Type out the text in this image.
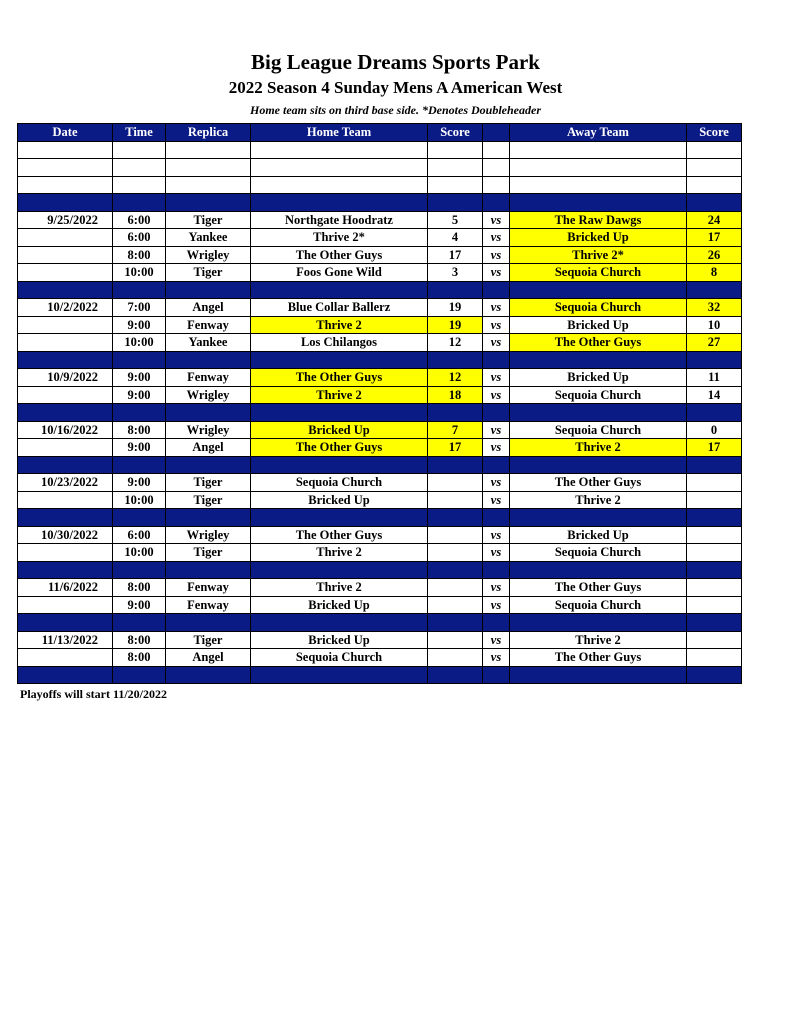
Big League Dreams Sports Park
2022 Season 4 Sunday Mens A American West
Home team sits on third base side. *Denotes Doubleheader
Date	Time	Replica	Home Team	Score		Away Team	Score

9/25/2022	6:00	Tiger	Northgate Hoodratz	5	vs	The Raw Dawgs	24
	6:00	Yankee	Thrive 2*	4	vs	Bricked Up	17
	8:00	Wrigley	The Other Guys	17	vs	Thrive 2*	26
	10:00	Tiger	Foos Gone Wild	3	vs	Sequoia Church	8

10/2/2022	7:00	Angel	Blue Collar Ballerz	19	vs	Sequoia Church	32
	9:00	Fenway	Thrive 2	19	vs	Bricked Up	10
	10:00	Yankee	Los Chilangos	12	vs	The Other Guys	27

10/9/2022	9:00	Fenway	The Other Guys	12	vs	Bricked Up	11
	9:00	Wrigley	Thrive 2	18	vs	Sequoia Church	14

10/16/2022	8:00	Wrigley	Bricked Up	7	vs	Sequoia Church	0
	9:00	Angel	The Other Guys	17	vs	Thrive 2	17

10/23/2022	9:00	Tiger	Sequoia Church		vs	The Other Guys	
	10:00	Tiger	Bricked Up		vs	Thrive 2	

10/30/2022	6:00	Wrigley	The Other Guys		vs	Bricked Up	
	10:00	Tiger	Thrive 2		vs	Sequoia Church	

11/6/2022	8:00	Fenway	Thrive 2		vs	The Other Guys	
	9:00	Fenway	Bricked Up		vs	Sequoia Church	

11/13/2022	8:00	Tiger	Bricked Up		vs	Thrive 2	
	8:00	Angel	Sequoia Church		vs	The Other Guys	

Playoffs will start 11/20/2022
